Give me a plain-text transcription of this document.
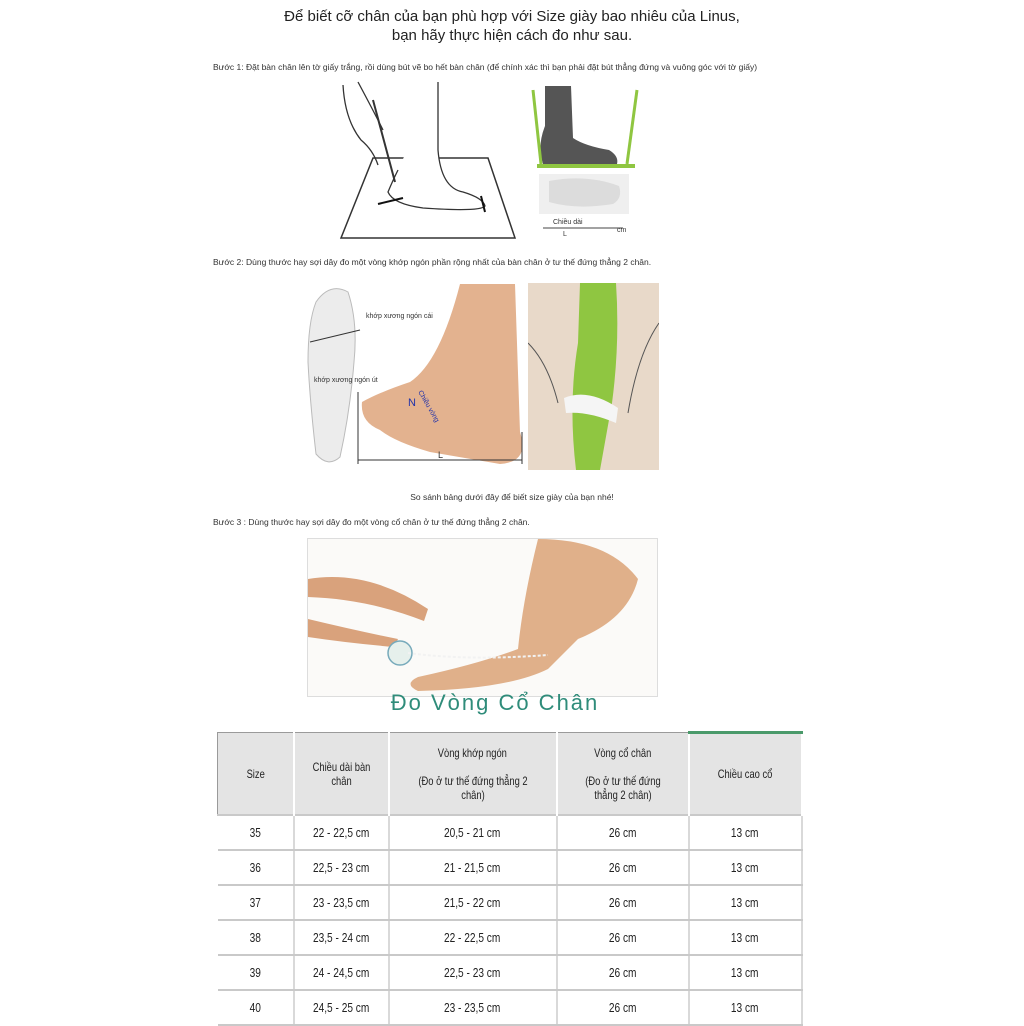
Để biết cỡ chân của bạn phù hợp với Size giày bao nhiêu của Linus,
bạn hãy thực hiện cách đo như sau.
Bước 1: Đặt bàn chân lên tờ giấy trắng, rồi dùng bút vẽ bo hết bàn chân (để chính xác thì bạn phải đặt bút thẳng đứng và vuông góc với tờ giấy)
Chiều dài
L
cm
Bước 2: Dùng thước hay sợi dây đo một vòng khớp ngón phần rộng nhất của bàn chân ở tư thế đứng thẳng 2 chân.
khớp xương ngón cái
khớp xương ngón út
Chiều vòng
N
L
So sánh bảng dưới đây để biết size giày của bạn nhé!
Bước 3 : Dùng thước hay sợi dây đo một vòng cổ chân ở tư thế đứng thẳng 2 chân.
Đo Vòng Cổ Chân
Size	Chiều dài bàn chân	Vòng khớp ngón (Đo ở tư thế đứng thẳng 2 chân)	Vòng cổ chân (Đo ở tư thế đứng thẳng 2 chân)	Chiều cao cổ
35	22 - 22,5 cm	20,5 - 21 cm	26 cm	13 cm
36	22,5 - 23 cm	21 - 21,5 cm	26 cm	13 cm
37	23 - 23,5 cm	21,5 - 22 cm	26 cm	13 cm
38	23,5 - 24 cm	22 - 22,5 cm	26 cm	13 cm
39	24 - 24,5 cm	22,5 - 23 cm	26 cm	13 cm
40	24,5 - 25 cm	23 - 23,5 cm	26 cm	13 cm
